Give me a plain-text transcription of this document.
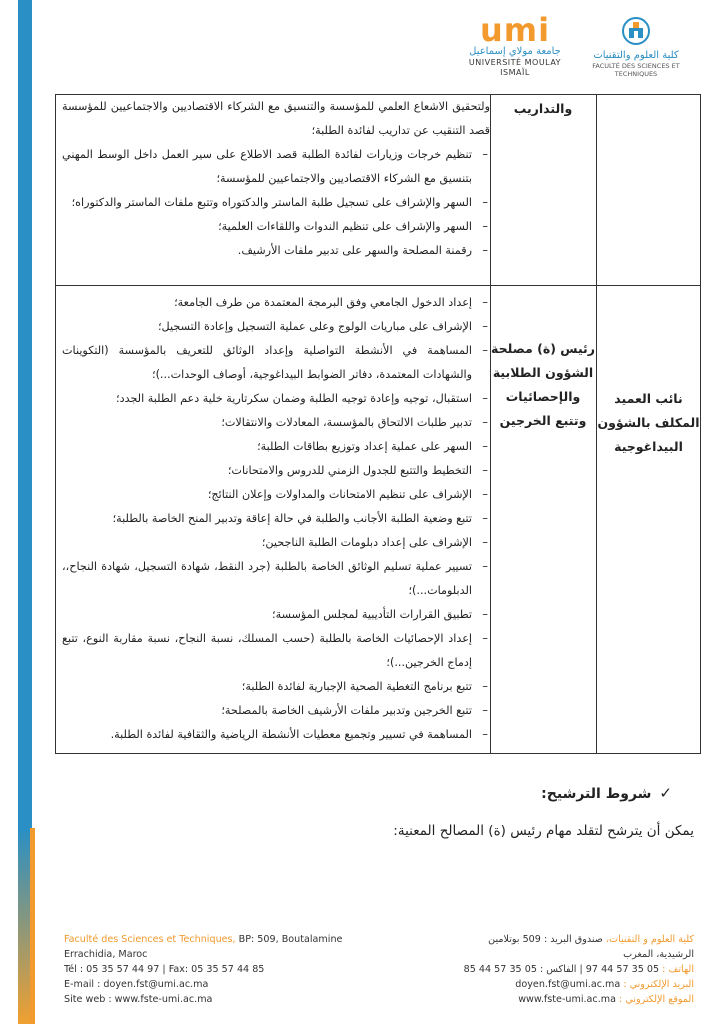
umi
جامعة مولاي إسماعيل
UNIVERSITÉ MOULAY ISMAÏL
كلية العلوم والتقنيات
FACULTÉ DES SCIENCES ET TECHNIQUES
والتداريب
ولتحقيق الاشعاع العلمي للمؤسسة والتنسيق مع الشركاء الاقتصاديين والاجتماعيين للمؤسسة قصد التنقيب عن تداريب لفائدة الطلبة؛
– تنظيم خرجات وزيارات لفائدة الطلبة قصد الاطلاع على سير العمل داخل الوسط المهني بتنسيق مع الشركاء الاقتصاديين والاجتماعيين للمؤسسة؛
– السهر والإشراف على تسجيل طلبة الماستر والدكتوراه وتتبع ملفات الماستر والدكتوراه؛
– السهر والإشراف على تنظيم الندوات واللقاءات العلمية؛
– رقمنة المصلحة والسهر على تدبير ملفات الأرشيف.
نائب العميد المكلف بالشؤون البيداغوجية
رئيس (ة) مصلحة الشؤون الطلابية والإحصائيات وتتبع الخرجين
– إعداد الدخول الجامعي وفق البرمجة المعتمدة من طرف الجامعة؛
– الإشراف على مباريات الولوج وعلى عملية التسجيل وإعادة التسجيل؛
– المساهمة في الأنشطة التواصلية وإعداد الوثائق للتعريف بالمؤسسة (التكوينات والشهادات المعتمدة، دفاتر الضوابط البيداغوجية، أوصاف الوحدات...)؛
– استقبال، توجيه وإعادة توجيه الطلبة وضمان سكرتارية خلية دعم الطلبة الجدد؛
– تدبير طلبات الالتحاق بالمؤسسة، المعادلات والانتقالات؛
– السهر على عملية إعداد وتوزيع بطاقات الطلبة؛
– التخطيط والتتبع للجدول الزمني للدروس والامتحانات؛
– الإشراف على تنظيم الامتحانات والمداولات وإعلان النتائج؛
– تتبع وضعية الطلبة الأجانب والطلبة في حالة إعاقة وتدبير المنح الخاصة بالطلبة؛
– الإشراف على إعداد دبلومات الطلبة الناجحين؛
– تسيير عملية تسليم الوثائق الخاصة بالطلبة (جرد النقط، شهادة التسجيل، شهادة النجاح،، الدبلومات...)؛
– تطبيق القرارات التأديبية لمجلس المؤسسة؛
– إعداد الإحصائيات الخاصة بالطلبة (حسب المسلك، نسبة النجاح، نسبة مقاربة النوع، تتبع إدماج الخرجين...)؛
– تتبع برنامج التغطية الصحية الإجبارية لفائدة الطلبة؛
– تتبع الخرجين وتدبير ملفات الأرشيف الخاصة بالمصلحة؛
– المساهمة في تسيير وتجميع معطيات الأنشطة الرياضية والثقافية لفائدة الطلبة.
✓شروط الترشيح:
يمكن أن يترشح لتقلد مهام رئيس (ة) المصالح المعنية:
Faculté des Sciences et Techniques, BP: 509, Boutalamine
Errachidia, Maroc
Tél : 05 35 57 44 97 | Fax: 05 35 57 44 85
E-mail : doyen.fst@umi.ac.ma
Site web : www.fste-umi.ac.ma
كلية العلوم و التقنيات، صندوق البريد : 509 بوتلامين
الرشيدية، المغرب
الهاتف : 05 35 57 44 97 | الفاكس : 05 35 57 44 85
البريد الإلكتروني : doyen.fst@umi.ac.ma
الموقع الإلكتروني : www.fste-umi.ac.ma
